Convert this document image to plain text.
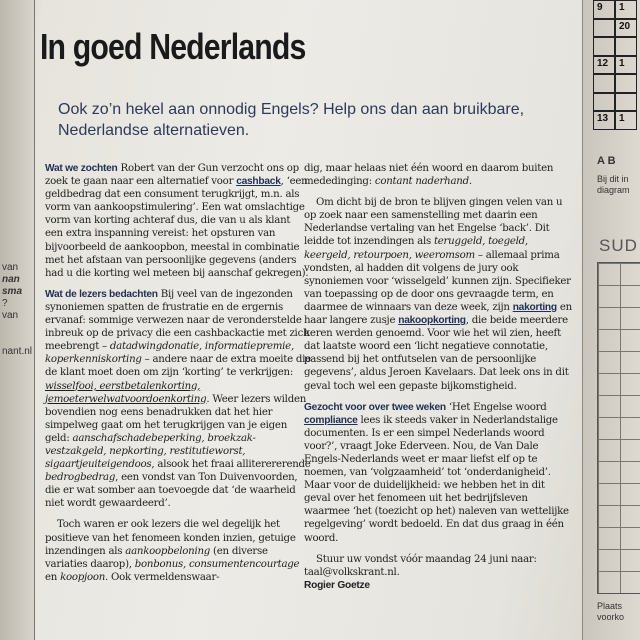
van
nan
sma
?
van
nant.nl
In goed Nederlands

Ook zo’n hekel aan onnodig Engels? Help ons dan aan bruikbare, Nederlandse alternatieven.

Wat we zochten Robert van der Gun verzocht ons op zoek te gaan naar een alternatief voor cashback, ‘een geldbedrag dat een consument terugkrijgt, m.n. als vorm van aankoopstimulering’. Een wat omslachtige vorm van korting achteraf dus, die van u als klant een extra inspanning vereist: het opsturen van bijvoorbeeld de aankoopbon, meestal in combinatie met het afstaan van persoonlijke gegevens (anders had u die korting wel meteen bij aanschaf gekregen).

Wat de lezers bedachten Bij veel van de ingezonden synoniemen spatten de frustratie en de ergernis ervanaf: sommige verwezen naar de veronderstelde inbreuk op de privacy die een cashbackactie met zich meebrengt – datadwingdonatie, informatiepremie, koperkenniskorting – andere naar de extra moeite die de klant moet doen om zijn ‘korting’ te verkrijgen: wisselfooi, eerstbetalenkorting, jemoeterwelwatvoordoenkorting. Weer lezers wilden bovendien nog eens benadrukken dat het hier simpelweg gaat om het terugkrijgen van je eigen geld: aanschafschadebeperking, broekzak-vestzakgeld, nepkorting, restitutieworst, sigaartjeuiteigendoos, alsook het fraai alliterererende bedrogbedrag, een vondst van Ton Duivenvoorden, die er wat somber aan toevoegde dat ‘de waarheid niet wordt gewaardeerd’.

Toch waren er ook lezers die wel degelijk het positieve van het fenomeen konden inzien, getuige inzendingen als aankoopbeloning (en diverse variaties daarop), bonbonus, consumentencourtage en koopjoon. Ook vermeldenswaar-

dig, maar helaas niet één woord en daarom buiten mededinging: contant naderhand.

Om dicht bij de bron te blijven gingen velen van u op zoek naar een samenstelling met daarin een Nederlandse vertaling van het Engelse ‘back’. Dit leidde tot inzendingen als teruggeld, toegeld, keergeld, retourpoen, weeromsom – allemaal prima vondsten, al hadden dit volgens de jury ook synoniemen voor ‘wisselgeld’ kunnen zijn. Specifieker van toepassing op de door ons gevraagde term, en daarmee de winnaars van deze week, zijn nakorting en haar langere zusje nakoopkorting, die beide meerdere keren werden genoemd. Voor wie het wil zien, heeft dat laatste woord een ‘licht negatieve connotatie, passend bij het ontfutselen van de persoonlijke gegevens’, aldus Jeroen Kavelaars. Dat leek ons in dit geval toch wel een gepaste bijkomstigheid.

Gezocht voor over twee weken ‘Het Engelse woord compliance lees ik steeds vaker in Nederlandstalige documenten. Is er een simpel Nederlands woord voor?’, vraagt Joke Ederveen. Nou, de Van Dale Engels-Nederlands weet er maar liefst elf op te noemen, van ‘volgzaamheid’ tot ‘onderdanigheid’. Maar voor de duidelijkheid: we hebben het in dit geval over het fenomeen uit het bedrijfsleven waarmee ‘het (toezicht op het) naleven van wettelijke regelgeving’ wordt bedoeld. En dat dus graag in één woord.

Stuur uw vondst vóór maandag 24 juni naar: taal@volkskrant.nl.

Rogier Goetze

9	1
20
12	1
13	1
A B
Bij dit in
diagram
SUD
Plaats
voorko
